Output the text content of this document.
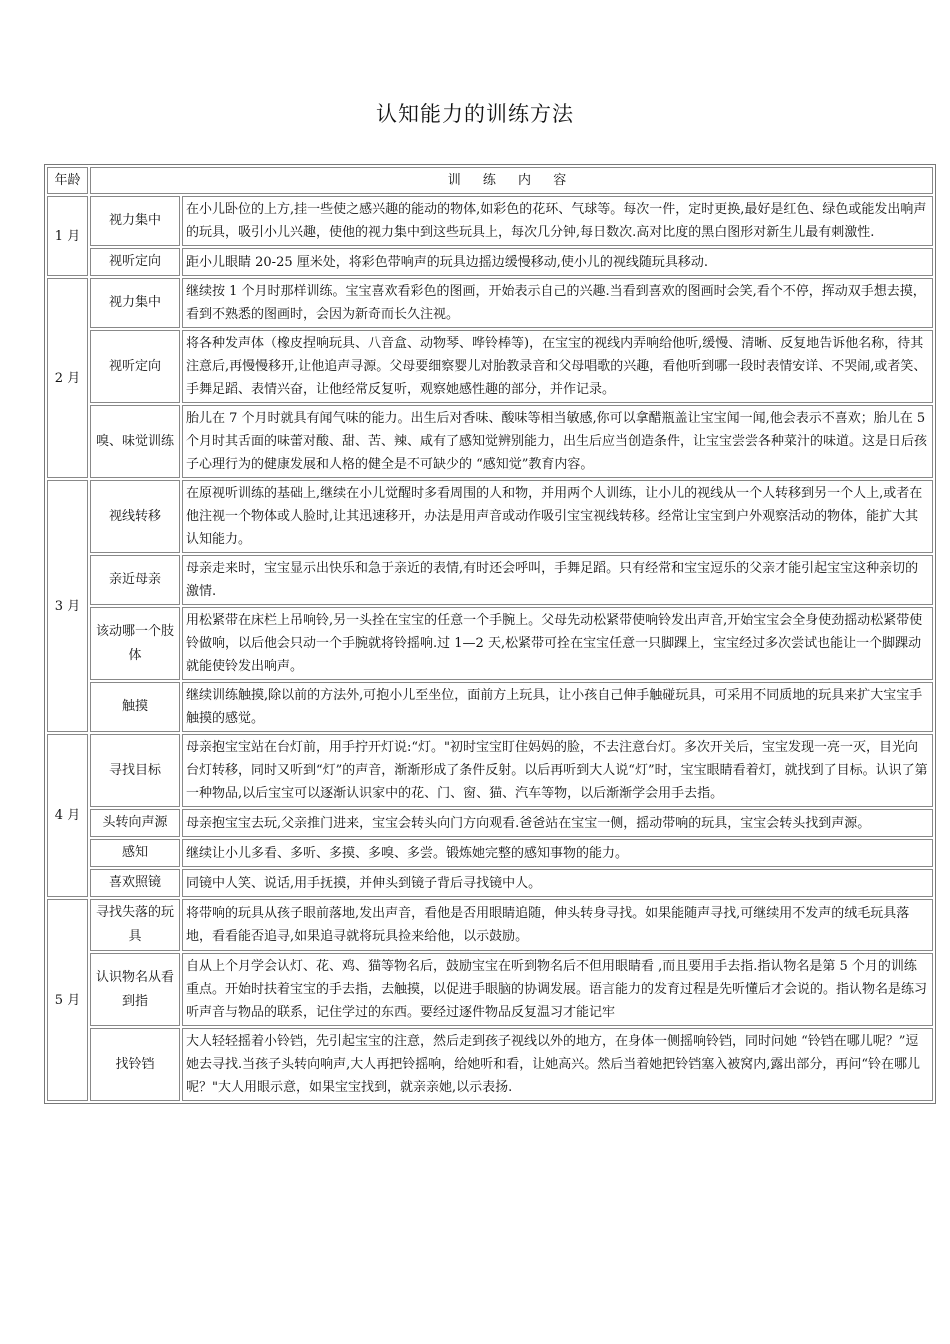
认知能力的训练方法
年龄	训 练 内 容	
1 月	视力集中	在小儿卧位的上方,挂一些使之感兴趣的能动的物体,如彩色的花环、气球等。每次一件，定时更换,最好是红色、绿色或能发出响声的玩具，吸引小儿兴趣，使他的视力集中到这些玩具上，每次几分钟,每日数次.高对比度的黑白图形对新生儿最有刺激性.
	视听定向	距小儿眼睛 20-25 厘米处，将彩色带响声的玩具边摇边缓慢移动,使小儿的视线随玩具移动.
2 月	视力集中	继续按 1 个月时那样训练。宝宝喜欢看彩色的图画，开始表示自己的兴趣.当看到喜欢的图画时会笑,看个不停，挥动双手想去摸，看到不熟悉的图画时，会因为新奇而长久注视。
	视听定向	将各种发声体（橡皮捏响玩具、八音盒、动物琴、哗铃棒等)，在宝宝的视线内弄响给他听,缓慢、清晰、反复地告诉他名称，待其注意后,再慢慢移开,让他追声寻源。父母要细察婴儿对胎教录音和父母唱歌的兴趣，看他听到哪一段时表情安详、不哭闹,或者笑、手舞足蹈、表情兴奋，让他经常反复听，观察她感性趣的部分，并作记录。
	嗅、味觉训练	胎儿在 7 个月时就具有闻气味的能力。出生后对香味、酸味等相当敏感,你可以拿醋瓶盖让宝宝闻一闻,他会表示不喜欢；胎儿在 5 个月时其舌面的味蕾对酸、甜、苦、辣、咸有了感知觉辨别能力，出生后应当创造条件，让宝宝尝尝各种菜汁的味道。这是日后孩子心理行为的健康发展和人格的健全是不可缺少的 “感知觉”教育内容。
3 月	视线转移	在原视听训练的基础上,继续在小儿觉醒时多看周围的人和物，并用两个人训练，让小儿的视线从一个人转移到另一个人上,或者在他注视一个物体或人脸时,让其迅速移开，办法是用声音或动作吸引宝宝视线转移。经常让宝宝到户外观察活动的物体，能扩大其认知能力。
	亲近母亲	母亲走来时，宝宝显示出快乐和急于亲近的表情,有时还会呼叫，手舞足蹈。只有经常和宝宝逗乐的父亲才能引起宝宝这种亲切的激情.
	该动哪一个肢体	用松紧带在床栏上吊响铃,另一头拴在宝宝的任意一个手腕上。父母先动松紧带使响铃发出声音,开始宝宝会全身使劲摇动松紧带使铃做响，以后他会只动一个手腕就将铃摇响.过 1—2 天,松紧带可拴在宝宝任意一只脚踝上，宝宝经过多次尝试也能让一个脚踝动就能使铃发出响声。
	触摸	继续训练触摸,除以前的方法外,可抱小儿至坐位，面前方上玩具，让小孩自己伸手触碰玩具，可采用不同质地的玩具来扩大宝宝手触摸的感觉。
4 月	寻找目标	母亲抱宝宝站在台灯前，用手拧开灯说:“灯。"初时宝宝盯住妈妈的脸，不去注意台灯。多次开关后，宝宝发现一亮一灭，目光向台灯转移，同时又听到“灯”的声音，渐渐形成了条件反射。以后再听到大人说“灯”时，宝宝眼睛看着灯，就找到了目标。认识了第一种物品,以后宝宝可以逐渐认识家中的花、门、窗、猫、汽车等物，以后渐渐学会用手去指。
	头转向声源	母亲抱宝宝去玩,父亲推门进来，宝宝会转头向门方向观看.爸爸站在宝宝一侧，摇动带响的玩具，宝宝会转头找到声源。
	感知	继续让小儿多看、多听、多摸、多嗅、多尝。锻炼她完整的感知事物的能力。
	喜欢照镜	同镜中人笑、说话,用手抚摸，并伸头到镜子背后寻找镜中人。
5 月	寻找失落的玩具	将带响的玩具从孩子眼前落地,发出声音，看他是否用眼睛追随，伸头转身寻找。如果能随声寻找,可继续用不发声的绒毛玩具落地，看看能否追寻,如果追寻就将玩具捡来给他，以示鼓励。
	认识物名从看到指	自从上个月学会认灯、花、鸡、猫等物名后，鼓励宝宝在听到物名后不但用眼睛看 ,而且要用手去指.指认物名是第 5 个月的训练重点。开始时扶着宝宝的手去指，去触摸，以促进手眼脑的协调发展。语言能力的发育过程是先听懂后才会说的。指认物名是练习听声音与物品的联系，记住学过的东西。要经过逐件物品反复温习才能记牢
	找铃铛	大人轻轻摇着小铃铛，先引起宝宝的注意，然后走到孩子视线以外的地方，在身体一侧摇响铃铛，同时问她 “铃铛在哪儿呢？”逗她去寻找.当孩子头转向响声,大人再把铃摇响，给她听和看，让她高兴。然后当着她把铃铛塞入被窝内,露出部分，再问“铃在哪儿呢？"大人用眼示意，如果宝宝找到，就亲亲她,以示表扬.
